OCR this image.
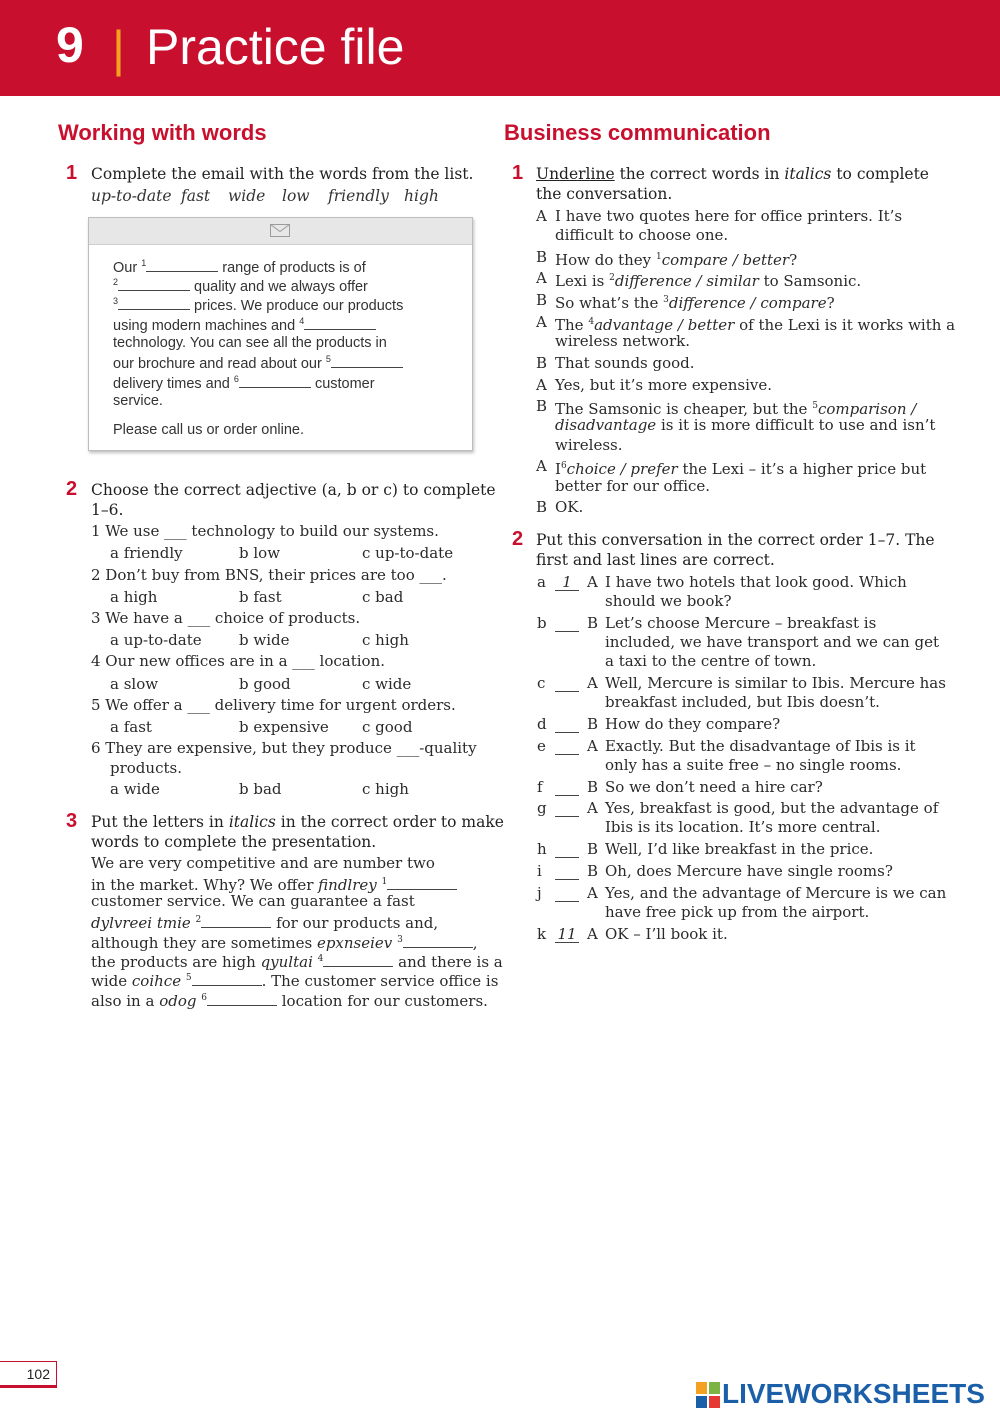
9 | Practice file
Working with words
1 Complete the email with the words from the list.
up-to-date fast wide low friendly high
Our $^1$	range of products is of
$^2$	quality and we always offer
$^3$	prices. We produce our products
using modern machines and $^4$
technology. You can see all the products in
our brochure and read about our $^5$
delivery times and $^6$	customer
service.
Please call us or order online.
2 Choose the correct adjective (a, b or c) to complete
1–6.
1 We use ___ technology to build our systems.
a friendly	b low	c up-to-date
2 Don’t buy from BNS, their prices are too ___.
a high	b fast	c bad
3 We have a ___ choice of products.
a up-to-date b wide	c high
4 Our new offices are in a ___ location.
a slow	b good	c wide
5 We offer a ___ delivery time for urgent orders.
a fast	b expensive c good
6 They are expensive, but they produce ___-quality
products.
a wide	b bad	c high
3 Put the letters in italics in the correct order to make
words to complete the presentation.
We are very competitive and are number two
in the market. Why? We offer findlrey $^1$
customer service. We can guarantee a fast
dylvreei tmie $^2$	for our products and,
although they are sometimes epxnseiev $^3$	,
the products are high qyultai $^4$	and there is a
wide coihce $^5$	. The customer service office is
also in a odog $^6$	location for our customers.
Business communication
1 Underline the correct words in italics to complete
the conversation.
A I have two quotes here for office printers. It’s
difficult to choose one.
B How do they $^1$compare / better?
A Lexi is $^2$difference / similar to Samsonic.
B So what’s the $^3$difference / compare?
A The $^4$advantage / better of the Lexi is it works with a
wireless network.
B That sounds good.
A Yes, but it’s more expensive.
B The Samsonic is cheaper, but the $^5$comparison /
disadvantage is it is more difficult to use and isn’t
wireless.
A $I^6choice$ / prefer the Lexi – it’s a higher price but
better for our office.
B OK.
2 Put this conversation in the correct order 1–7. The
first and last lines are correct.
a	1	A I have two hotels that look good. Which
should we book?
b	B Let’s choose Mercure – breakfast is
included, we have transport and we can get
a taxi to the centre of town.
c	A Well, Mercure is similar to Ibis. Mercure has
breakfast included, but Ibis doesn’t.
d	B How do they compare?
e	A Exactly. But the disadvantage of Ibis is it
only has a suite free – no single rooms.
f	B So we don’t need a hire car?
g	A Yes, breakfast is good, but the advantage of
Ibis is its location. It’s more central.
h	B Well, I’d like breakfast in the price.
i	B Oh, does Mercure have single rooms?
j	A Yes, and the advantage of Mercure is we can
have free pick up from the airport.
k 11 A OK – I’ll book it.
102
LIVEWORKSHEETS
